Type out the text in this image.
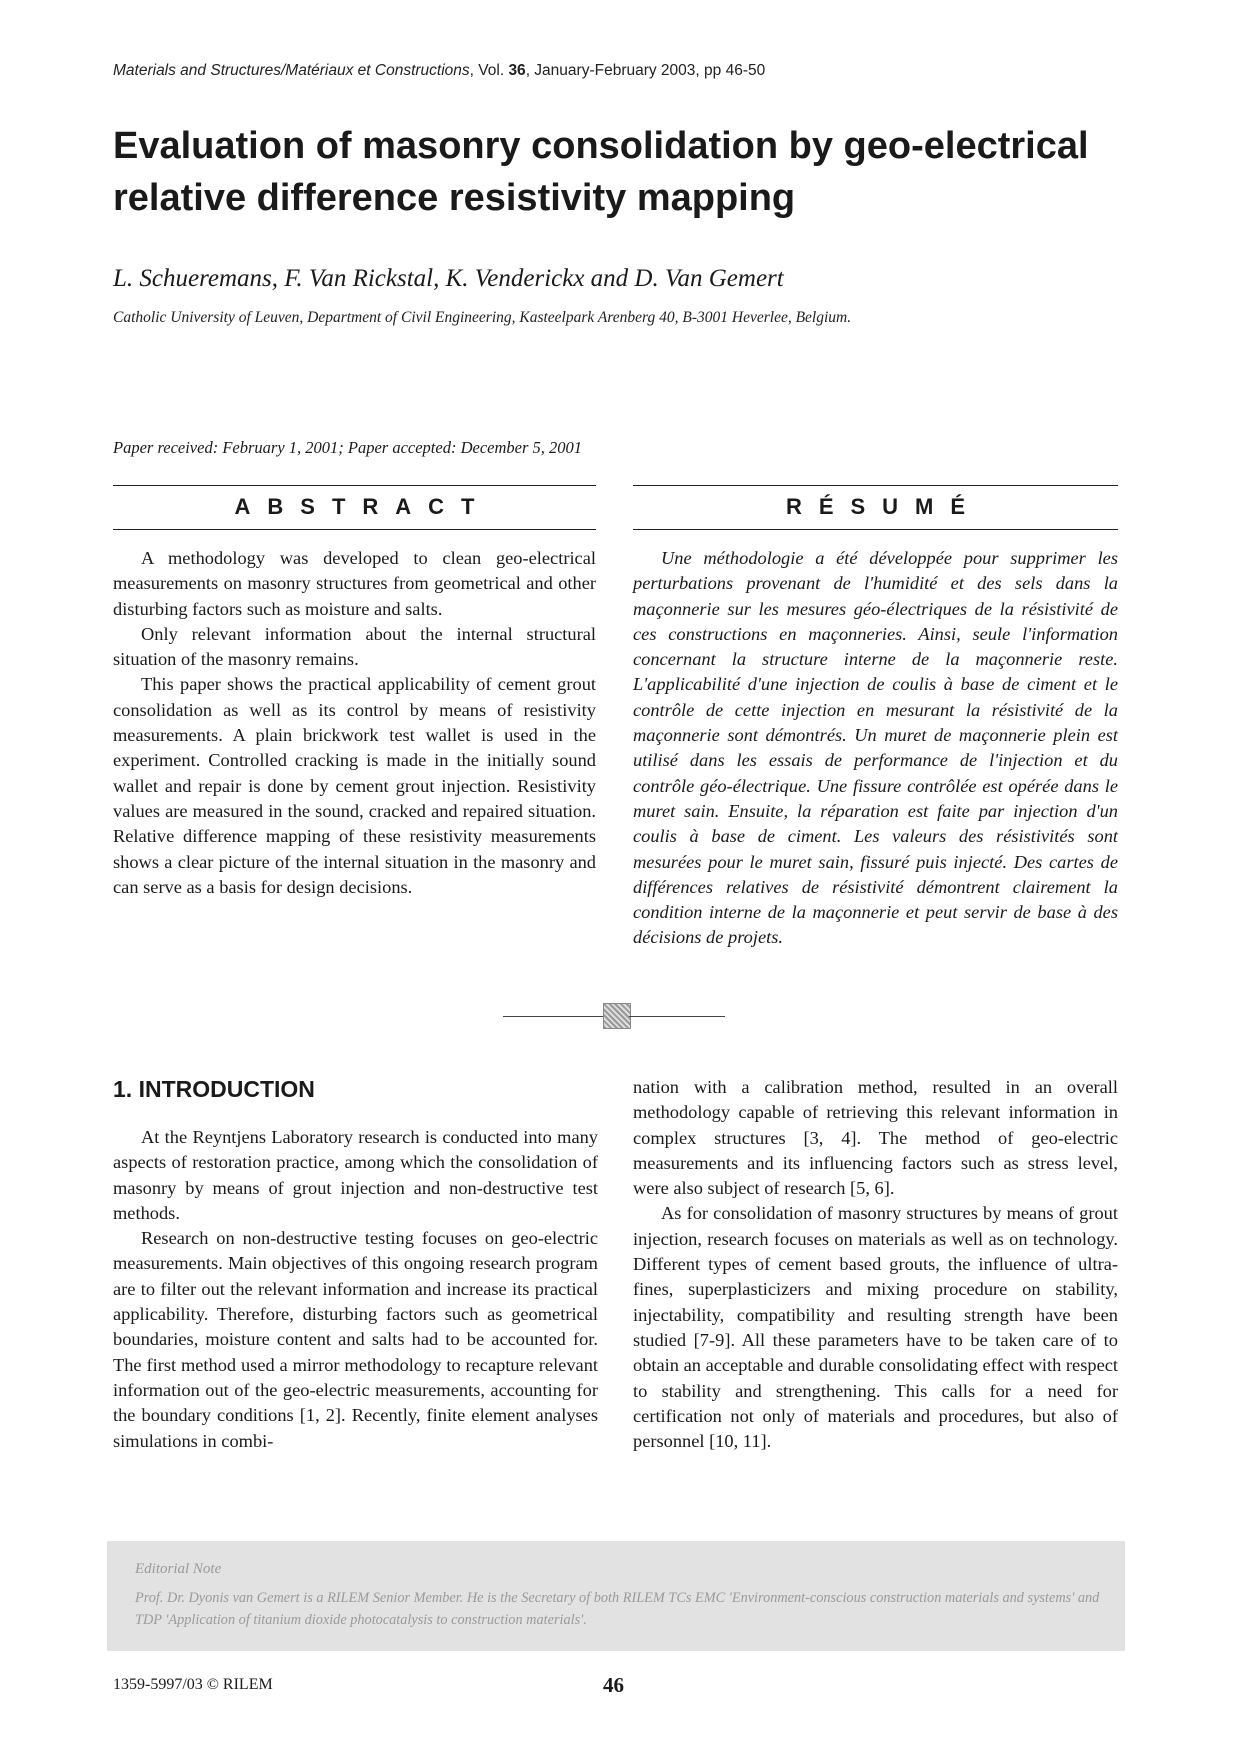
Materials and Structures/Matériaux et Constructions, Vol. 36, January-February 2003, pp 46-50
Evaluation of masonry consolidation by geo-electrical
relative difference resistivity mapping
L. Schueremans, F. Van Rickstal, K. Venderickx and D. Van Gemert
Catholic University of Leuven, Department of Civil Engineering, Kasteelpark Arenberg 40, B-3001 Heverlee, Belgium.
Paper received: February 1, 2001; Paper accepted: December 5, 2001
ABSTRACT

A methodology was developed to clean geo-electrical measurements on masonry structures from geometrical and other disturbing factors such as moisture and salts.

Only relevant information about the internal structural situation of the masonry remains.

This paper shows the practical applicability of cement grout consolidation as well as its control by means of resistivity measurements. A plain brickwork test wallet is used in the experiment. Controlled cracking is made in the initially sound wallet and repair is done by cement grout injection. Resistivity values are measured in the sound, cracked and repaired situation. Relative difference mapping of these resistivity measurements shows a clear picture of the internal situation in the masonry and can serve as a basis for design decisions.

RÉSUMÉ

Une méthodologie a été développée pour supprimer les perturbations provenant de l'humidité et des sels dans la maçonnerie sur les mesures géo-électriques de la résistivité de ces constructions en maçonneries. Ainsi, seule l'information concernant la structure interne de la maçonnerie reste. L'applicabilité d'une injection de coulis à base de ciment et le contrôle de cette injection en mesurant la résistivité de la maçonnerie sont démontrés. Un muret de maçonnerie plein est utilisé dans les essais de performance de l'injection et du contrôle géo-électrique. Une fissure contrôlée est opérée dans le muret sain. Ensuite, la réparation est faite par injection d'un coulis à base de ciment. Les valeurs des résistivités sont mesurées pour le muret sain, fissuré puis injecté. Des cartes de différences relatives de résistivité démontrent clairement la condition interne de la maçonnerie et peut servir de base à des décisions de projets.

1. INTRODUCTION

At the Reyntjens Laboratory research is conducted into many aspects of restoration practice, among which the consolidation of masonry by means of grout injection and non-destructive test methods.

Research on non-destructive testing focuses on geo-electric measurements. Main objectives of this ongoing research program are to filter out the relevant information and increase its practical applicability. Therefore, disturbing factors such as geometrical boundaries, moisture content and salts had to be accounted for. The first method used a mirror methodology to recapture relevant information out of the geo-electric measurements, accounting for the boundary conditions [1, 2]. Recently, finite element analyses simulations in combi-

nation with a calibration method, resulted in an overall methodology capable of retrieving this relevant information in complex structures [3, 4]. The method of geo-electric measurements and its influencing factors such as stress level, were also subject of research [5, 6].

As for consolidation of masonry structures by means of grout injection, research focuses on materials as well as on technology. Different types of cement based grouts, the influence of ultra-fines, superplasticizers and mixing procedure on stability, injectability, compatibility and resulting strength have been studied [7-9]. All these parameters have to be taken care of to obtain an acceptable and durable consolidating effect with respect to stability and strengthening. This calls for a need for certification not only of materials and procedures, but also of personnel [10, 11].

Editorial Note
Prof. Dr. Dyonis van Gemert is a RILEM Senior Member. He is the Secretary of both RILEM TCs EMC 'Environment-conscious construction materials and systems' and TDP 'Application of titanium dioxide photocatalysis to construction materials'.
1359-5997/03 © RILEM	46
